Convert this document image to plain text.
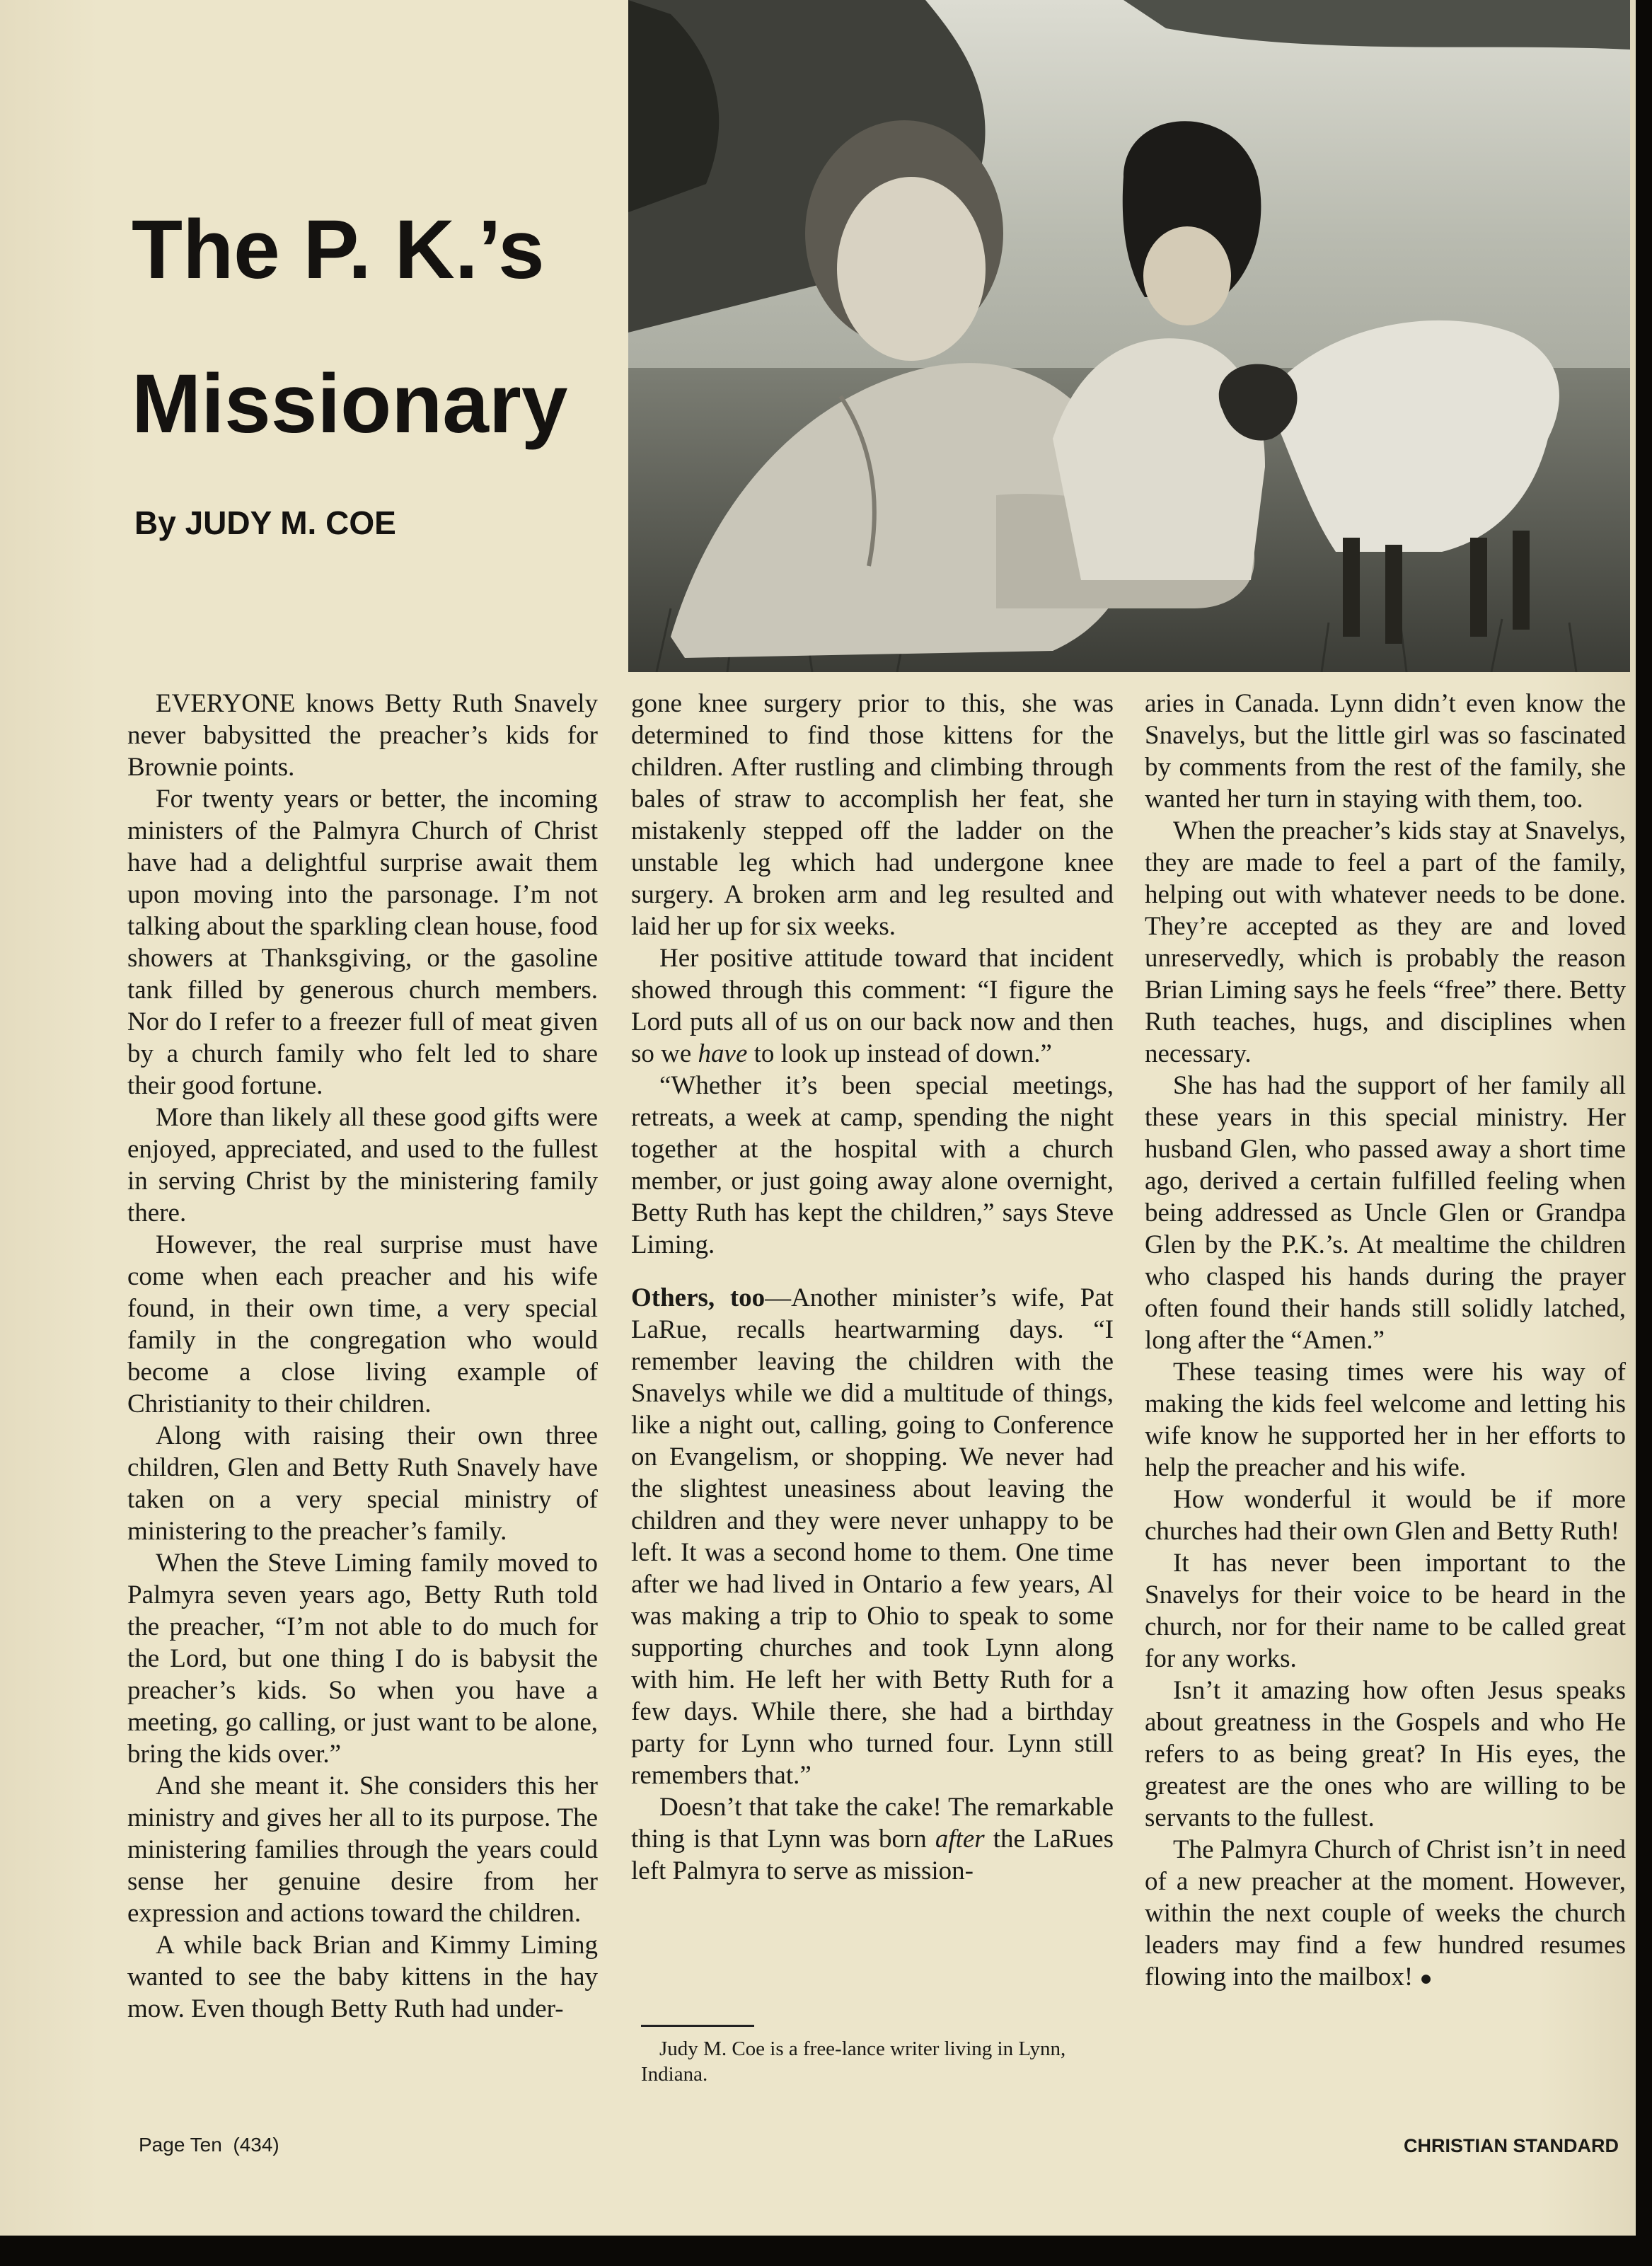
The P. K.’s
Missionary
By JUDY M. COE

EVERYONE knows Betty Ruth Snavely never babysitted the preacher’s kids for Brownie points.

For twenty years or better, the incoming ministers of the Palmyra Church of Christ have had a delightful surprise await them upon moving into the parsonage. I’m not talking about the sparkling clean house, food showers at Thanksgiving, or the gasoline tank filled by generous church members. Nor do I refer to a freezer full of meat given by a church family who felt led to share their good fortune.

More than likely all these good gifts were enjoyed, appreciated, and used to the fullest in serving Christ by the ministering family there.

However, the real surprise must have come when each preacher and his wife found, in their own time, a very special family in the congregation who would become a close living example of Christianity to their children.

Along with raising their own three children, Glen and Betty Ruth Snavely have taken on a very special ministry of ministering to the preacher’s family.

When the Steve Liming family moved to Palmyra seven years ago, Betty Ruth told the preacher, “I’m not able to do much for the Lord, but one thing I do is babysit the preacher’s kids. So when you have a meeting, go calling, or just want to be alone, bring the kids over.”

And she meant it. She considers this her ministry and gives her all to its purpose. The ministering families through the years could sense her genuine desire from her expression and actions toward the children.

A while back Brian and Kimmy Liming wanted to see the baby kittens in the hay mow. Even though Betty Ruth had under-

gone knee surgery prior to this, she was determined to find those kittens for the children. After rustling and climbing through bales of straw to accomplish her feat, she mistakenly stepped off the ladder on the unstable leg which had undergone knee surgery. A broken arm and leg resulted and laid her up for six weeks.

Her positive attitude toward that incident showed through this comment: “I figure the Lord puts all of us on our back now and then so we have to look up instead of down.”

“Whether it’s been special meetings, retreats, a week at camp, spending the night together at the hospital with a church member, or just going away alone overnight, Betty Ruth has kept the children,” says Steve Liming.

Others, too—Another minister’s wife, Pat LaRue, recalls heartwarming days. “I remember leaving the children with the Snavelys while we did a multitude of things, like a night out, calling, going to Conference on Evangelism, or shopping. We never had the slightest uneasiness about leaving the children and they were never unhappy to be left. It was a second home to them. One time after we had lived in Ontario a few years, Al was making a trip to Ohio to speak to some supporting churches and took Lynn along with him. He left her with Betty Ruth for a few days. While there, she had a birthday party for Lynn who turned four. Lynn still remembers that.”

Doesn’t that take the cake! The remarkable thing is that Lynn was born after the LaRues left Palmyra to serve as mission-

Judy M. Coe is a free-lance writer living in Lynn, Indiana.

aries in Canada. Lynn didn’t even know the Snavelys, but the little girl was so fascinated by comments from the rest of the family, she wanted her turn in staying with them, too.

When the preacher’s kids stay at Snavelys, they are made to feel a part of the family, helping out with whatever needs to be done. They’re accepted as they are and loved unreservedly, which is probably the reason Brian Liming says he feels “free” there. Betty Ruth teaches, hugs, and disciplines when necessary.

She has had the support of her family all these years in this special ministry. Her husband Glen, who passed away a short time ago, derived a certain fulfilled feeling when being addressed as Uncle Glen or Grandpa Glen by the P.K.’s. At mealtime the children who clasped his hands during the prayer often found their hands still solidly latched, long after the “Amen.”

These teasing times were his way of making the kids feel welcome and letting his wife know he supported her in her efforts to help the preacher and his wife.

How wonderful it would be if more churches had their own Glen and Betty Ruth!

It has never been important to the Snavelys for their voice to be heard in the church, nor for their name to be called great for any works.

Isn’t it amazing how often Jesus speaks about greatness in the Gospels and who He refers to as being great? In His eyes, the greatest are the ones who are willing to be servants to the fullest.

The Palmyra Church of Christ isn’t in need of a new preacher at the moment. However, within the next couple of weeks the church leaders may find a few hundred resumes flowing into the mailbox! ●

Page Ten (434)	CHRISTIAN STANDARD
